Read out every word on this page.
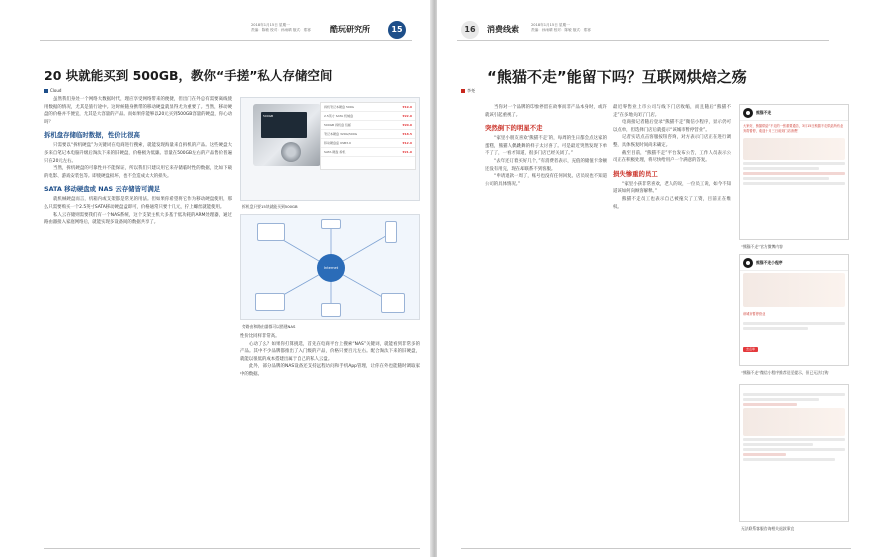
2018年1月15日 星期一
责编：陈敏 校对：孙雨晴 版式：郑寒 酷玩研究所	15
20 块就能买到 500GB，教你“手搓”私人存储空间
Cloud

虽然我们身处一个网络大数据时代，理应享受网络带来的便捷，但出门在外总有需要离线使用数据的情况，尤其是旅行途中。这时候随身携带的移动硬盘就显得尤为重要了。当然，移动硬盘的价格并不便宜，尤其是大容量的产品。而如果你能够以20元买到500GB容量的硬盘，你心动吗？

拆机盘存储临时数据，性价比很高

只需要以“拆机硬盘”为关键词在电商进行搜索，就能发现海量来自拆机的产品。这些硬盘大多来自笔记本电脑升级后淘汰下来的旧硬盘，价格极为低廉。容量在500GB左右的产品售价普遍只在20元左右。

当然，拆机硬盘的可靠性并不能保证，所以我们只建议用它来存储临时性的数据，比如下载的电影、游戏安装包等。即使硬盘损坏，也不会造成太大的损失。

SATA 移动硬盘或 NAS 云存储皆可满足

就机械硬盘而言，机箱内或支架都是常见的用法。但如果你希望将它作为移动硬盘使用，那么只需要购买一个2.5英寸SATA移动硬盘盒即可，价格通常只要十几元，拧上螺丝就能使用。

私人云存储则需要我们有一个NAS系统，这个支架主机大多基于低功耗的ARM处理器，通过路由器接入家庭网络后，就能实现多设备间的数据共享了。

500GB
拆机笔记本硬盘 500G	¥19.9
2.5英寸 SATA 机械盘	¥22.0
500GB 拆机盘 包邮	¥20.0
笔记本硬盘 320G/500G	¥18.5
移动硬盘盒 USB3.0	¥12.9
SATA 硬盘 拆机	¥21.0
拆机盘只要15块就能买到500GB
Internet
旁路由和路由器都可以搭建NAS

性价比同样非常高。

心动了么？如果你打算挑选，首先在电商平台上搜索“NAS”关键词，就能看到非常多的产品。其中不少品牌都推出了入门级的产品，价格只要百元左右。配合淘汰下来的旧硬盘，就能以很低的成本搭建出属于自己的私人云盘。

此外，部分品牌的NAS设备还支持远程访问和手机App管理，让你在外也能随时调取家中的数据。

16	消费线索	2018年1月15日 星期一
责编：孙雨晴 校对：陈敏 版式：郑寒
“熊猫不走”能留下吗？互联网烘焙之殇
李尧

当你对一个品牌的印象停留在故事而非产品本身时，或许就该引起重视了。

突然倒下的明星不走

“家里小朋友喜欢‘熊猫不走’的，每周的生日都会点这家的蛋糕，熊猫人偶跳舞的样子太讨喜了。可是最近突然发现下单不了了，一看才知道，很多门店已经关闭了。”

“去年还订着买好几个，”有消费者表示，充值的储值卡余额还没有用完，现在却联系不到客服。

“申请退款一周了，账号也没有任何回复。店员说也不知道公司的具体情况。”

最近零售业上市公司与线下门店收缩，而且随后“熊猫不走”在多地关闭了门店。

电商接记者随后登录“熊猫不走”微信小程序，显示仍可以点单，但选择门店后就提示“该城市暂停营业”。

记者实话点击客服按钮咨询，对方表示门店正在进行调整，具体恢复时间尚未确定。

截至目前，“熊猫不走”平台发布公告，工作人员表示公司正在积极处理，将尽快给用户一个满意的答复。

损失惨重的员工

“家里小孩非常喜欢，老人的说，一位员工说，如今不知道该如何向顾客解释。”

熊猫不走员工也表示自己被拖欠了工资，目前正在维权。

熊猫不走
大家好，熊猫烘焙“不走的一张重要通告，3月15日熊猫不走烘焙所有业务将暂停，欢迎十月三日前到门店消费！
“熊猫不走”官方微博内容
熊猫不走小程序
该城市暂停营业
去点单
“熊猫不走”微信小程序推荐送至提示，但已无法订购
无法联系客服咨询相关退款事宜
